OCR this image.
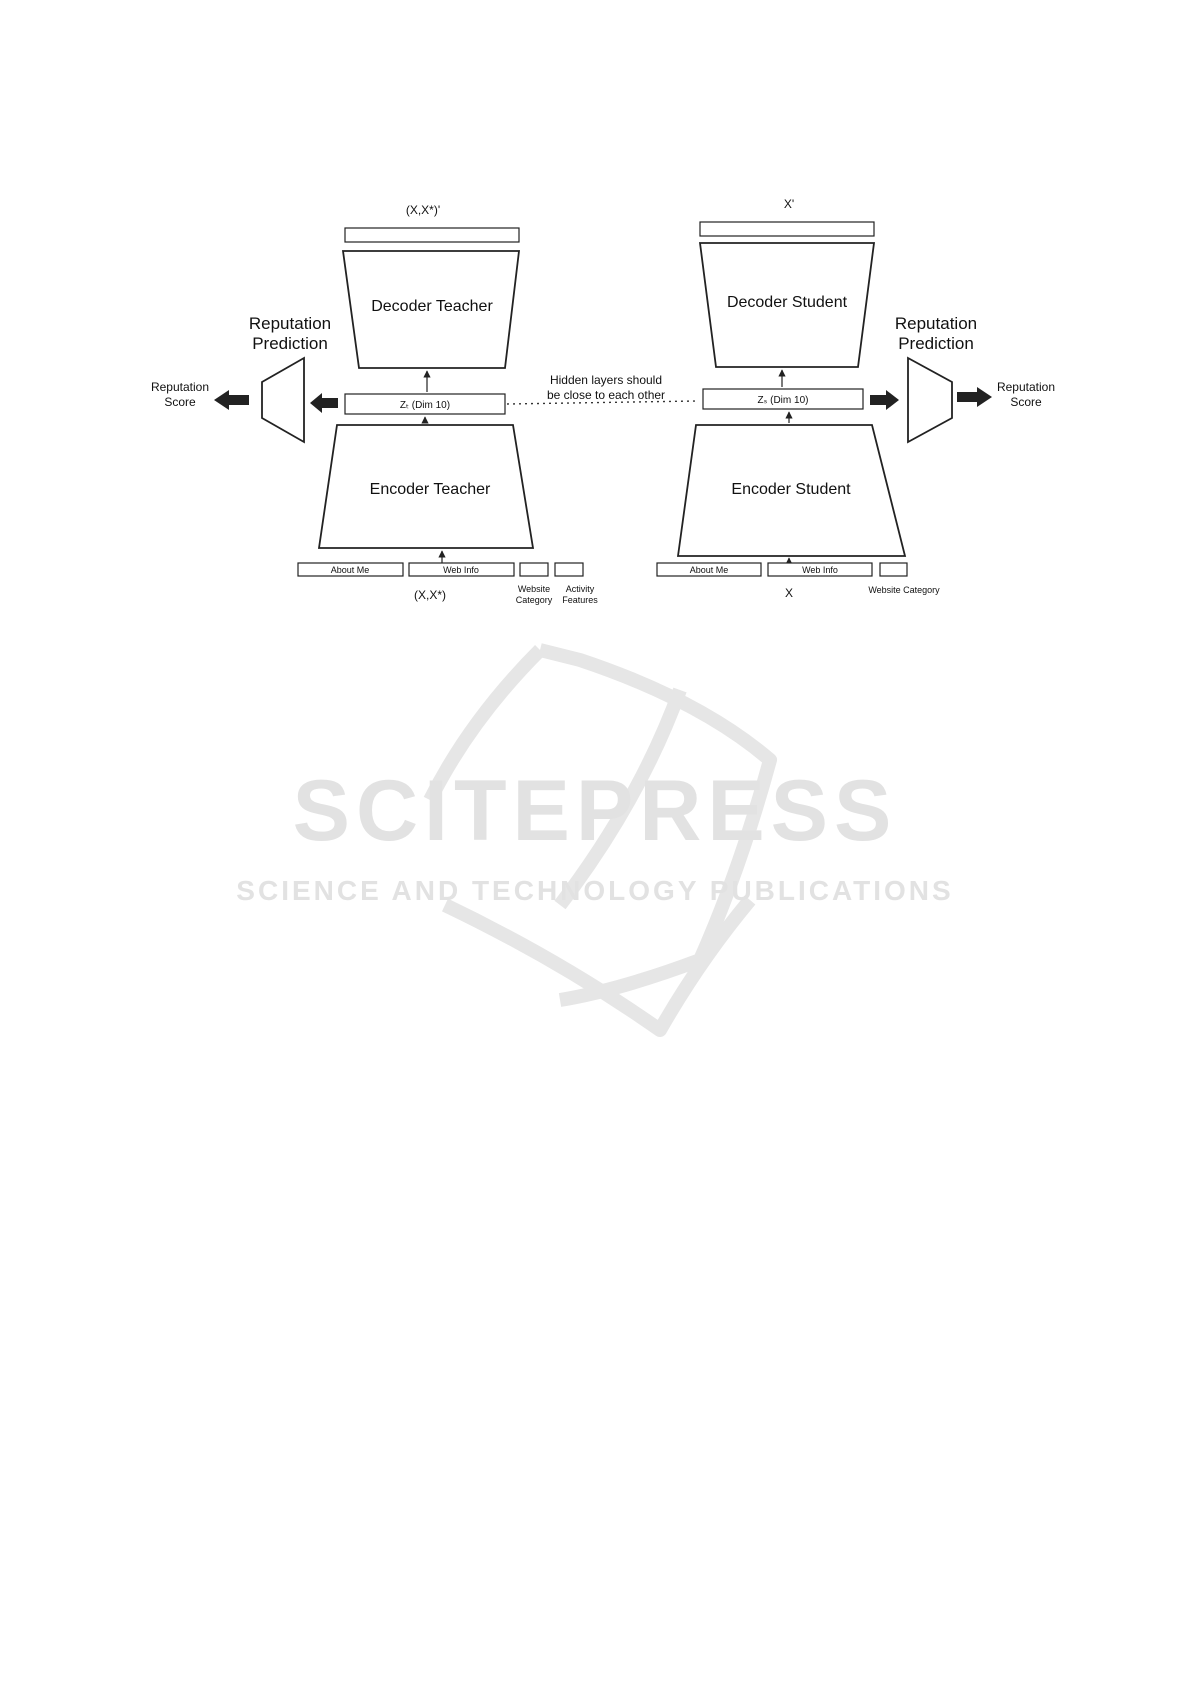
SCITEPRESS
SCIENCE AND TECHNOLOGY PUBLICATIONS
(X,X*)'
Decoder Teacher
Zₜ (Dim 10)
Encoder Teacher
About Me	Web Info
(X,X*)	Website Category
Activity Features
Reputation Prediction
Reputation Score
Hidden layers should be close to each other
X'
Decoder Student
Zₛ (Dim 10)
Encoder Student
About Me	Web Info
X	Website Category
Reputation Prediction
Reputation Score
